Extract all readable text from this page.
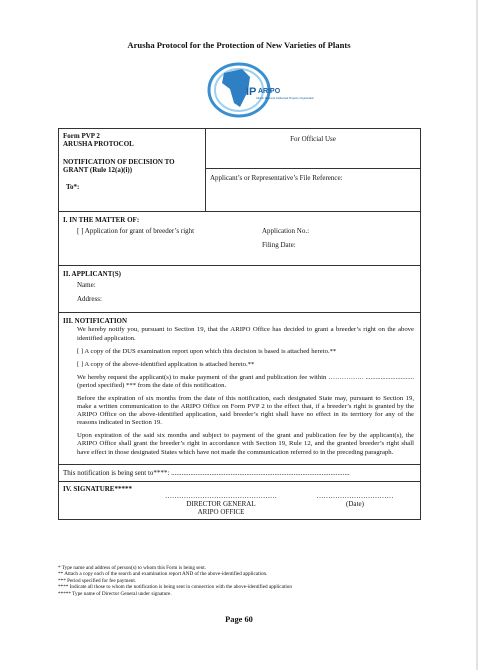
Arusha Protocol for the Protection of New Varieties of Plants
IP ARIPO
African Regional Intellectual Property Organization
Form PVP 2
ARUSHA PROTOCOL
NOTIFICATION OF DECISION TO
GRANT (Rule 12(a)(i))
To*:
For Official Use
Applicant’s or Representative’s File Reference:
I. IN THE MATTER OF:
[ ] Application for grant of breeder’s right	Application No.:
Filing Date:
II. APPLICANT(S)
Name:
Address:
III. NOTIFICATION

We hereby notify you, pursuant to Section 19, that the ARIPO Office has decided to grant a breeder’s right on the above identified application.

[ ] A copy of the DUS examination report upon which this decision is based is attached hereto.**

[ ] A copy of the above-identified application is attached hereto.**

We hereby request the applicant(s) to make payment of the grant and publication fee within ……………. ............................. (period specified) *** from the date of this notification.

Before the expiration of six months from the date of this notification, each designated State may, pursuant to Section 19, make a written communication to the ARIPO Office on Form PVP 2 to the effect that, if a breeder’s right is granted by the ARIPO Office on the above-identified application, said breeder’s right shall have no effect in its territory for any of the reasons indicated in Section 19.

Upon expiration of the said six months and subject to payment of the grant and publication fee by the applicant(s), the ARIPO Office shall grant the breeder’s right in accordance with Section 19, Rule 12, and the granted breeder’s right shall have effect in those designated States which have not made the communication referred to in the preceding paragraph.

This notification is being sent to****: ......................................................................................................
IV. SIGNATURE*****
…………………………………………
DIRECTOR GENERAL
ARIPO OFFICE
……………………………
(Date)
* Type name and address of person(s) to whom this Form is being sent.
** Attach a copy each of the search and examination report AND of the above-identified application.
*** Period specified for fee payment.
**** Indicate all those to whom the notification is being sent in connection with the above-identified application
***** Type name of Director General under signature.
Page 60
